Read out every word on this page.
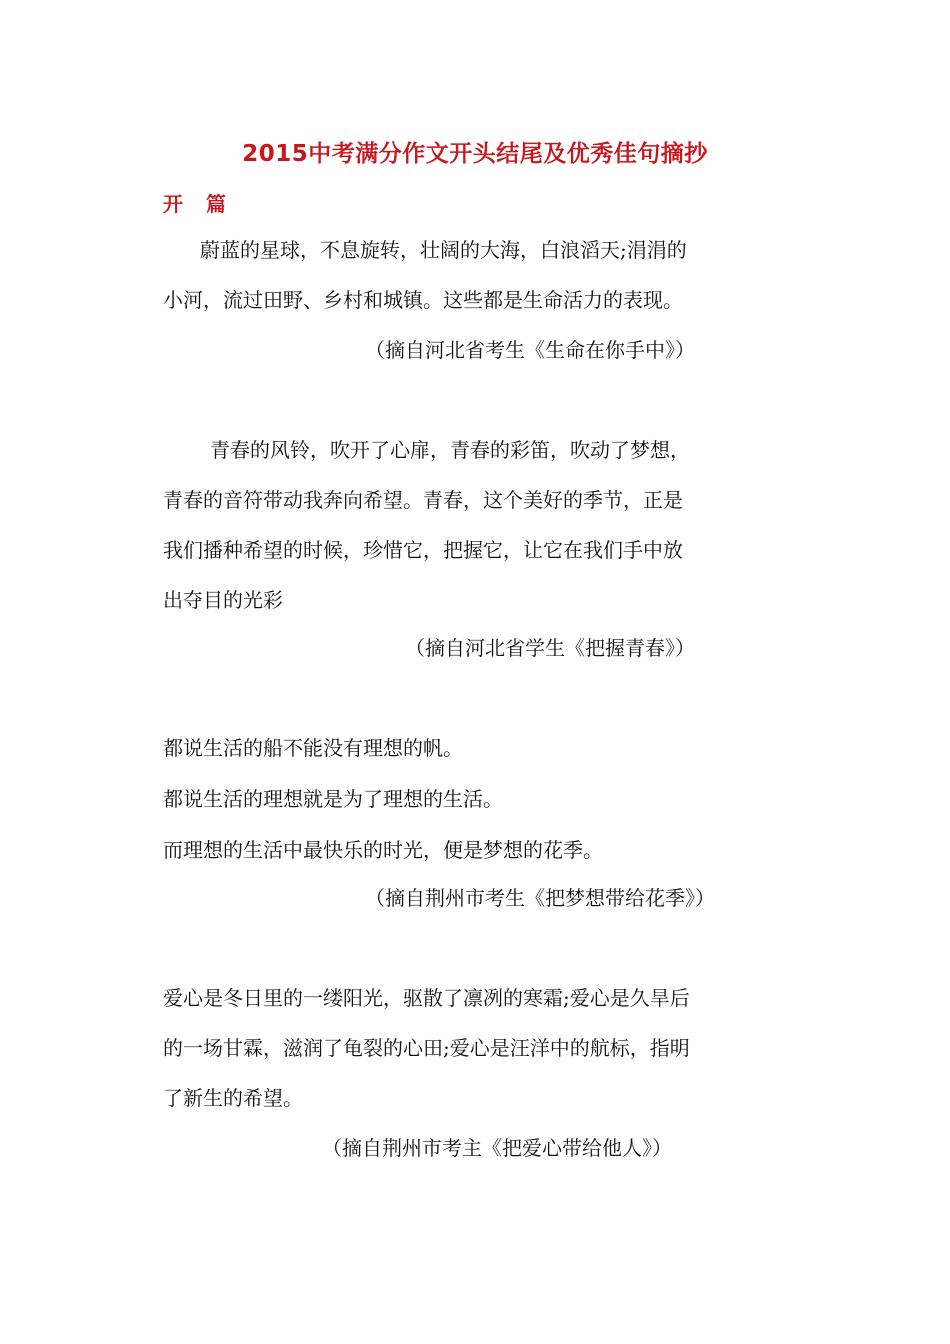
2015中考满分作文开头结尾及优秀佳句摘抄
开 篇
蔚蓝的星球，不息旋转，壮阔的大海，白浪滔天;涓涓的
小河，流过田野、乡村和城镇。这些都是生命活力的表现。
（摘自河北省考生《生命在你手中》）
青春的风铃，吹开了心扉，青春的彩笛，吹动了梦想，
青春的音符带动我奔向希望。青春，这个美好的季节，正是
我们播种希望的时候，珍惜它，把握它，让它在我们手中放
出夺目的光彩
（摘自河北省学生《把握青春》）
都说生活的船不能没有理想的帆。
都说生活的理想就是为了理想的生活。
而理想的生活中最快乐的时光，便是梦想的花季。
（摘自荆州市考生《把梦想带给花季》）
爱心是冬日里的一缕阳光，驱散了凛冽的寒霜;爱心是久旱后
的一场甘霖，滋润了龟裂的心田;爱心是汪洋中的航标，指明
了新生的希望。
（摘自荆州市考主《把爱心带给他人》）
